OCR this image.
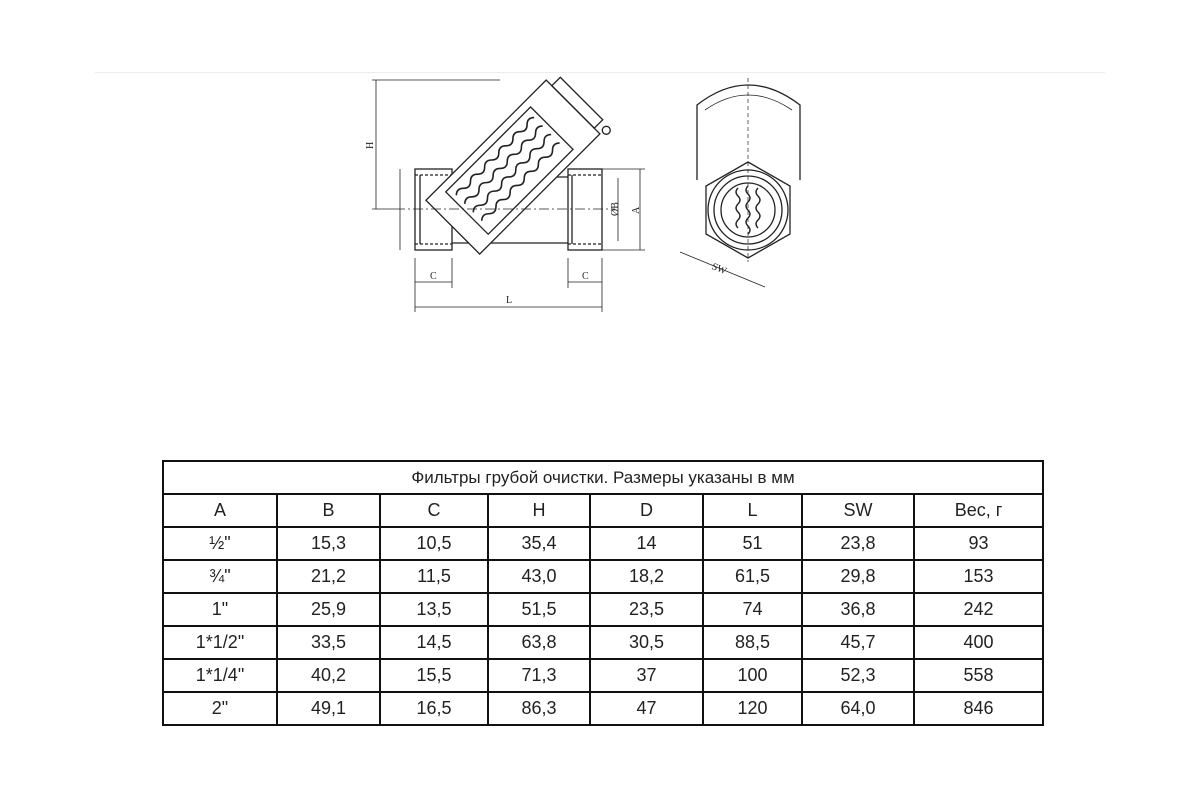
H
C	C
L
ØB A
SW
Фильтры грубой очистки. Размеры указаны в мм							
A	B	C	H	D	L	SW	Вес, г
½"	15,3	10,5	35,4	14	51	23,8	93
¾"	21,2	11,5	43,0	18,2	61,5	29,8	153
1"	25,9	13,5	51,5	23,5	74	36,8	242
1*1/2"	33,5	14,5	63,8	30,5	88,5	45,7	400
1*1/4"	40,2	15,5	71,3	37	100	52,3	558
2"	49,1	16,5	86,3	47	120	64,0	846
